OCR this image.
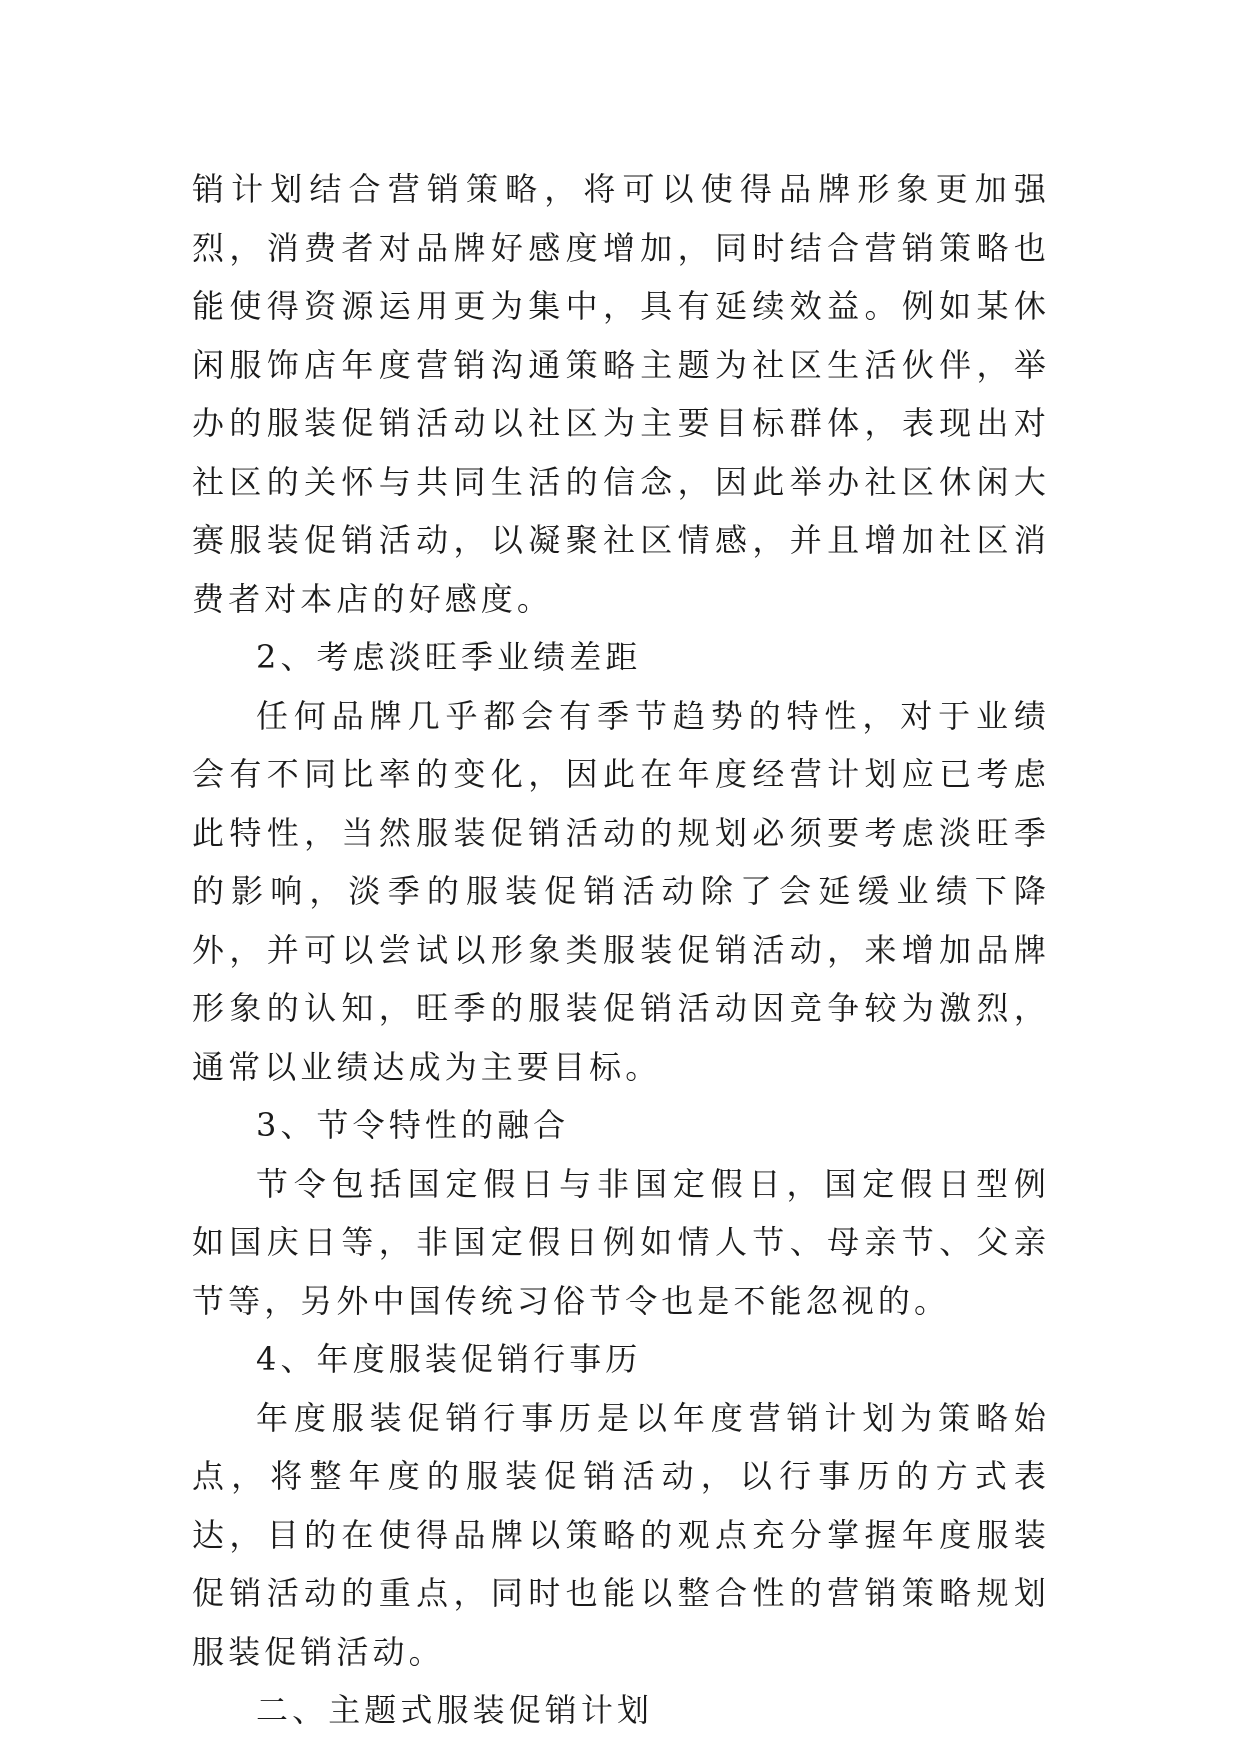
销计划结合营销策略，将可以使得品牌形象更加强烈，消费者对品牌好感度增加，同时结合营销策略也能使得资源运用更为集中，具有延续效益。例如某休闲服饰店年度营销沟通策略主题为社区生活伙伴，举办的服装促销活动以社区为主要目标群体，表现出对社区的关怀与共同生活的信念，因此举办社区休闲大赛服装促销活动，以凝聚社区情感，并且增加社区消费者对本店的好感度。

2、考虑淡旺季业绩差距

任何品牌几乎都会有季节趋势的特性，对于业绩会有不同比率的变化，因此在年度经营计划应已考虑此特性，当然服装促销活动的规划必须要考虑淡旺季的影响，淡季的服装促销活动除了会延缓业绩下降外，并可以尝试以形象类服装促销活动，来增加品牌形象的认知，旺季的服装促销活动因竞争较为激烈，通常以业绩达成为主要目标。

3、节令特性的融合

节令包括国定假日与非国定假日，国定假日型例如国庆日等，非国定假日例如情人节、母亲节、父亲节等，另外中国传统习俗节令也是不能忽视的。

4、年度服装促销行事历

年度服装促销行事历是以年度营销计划为策略始点，将整年度的服装促销活动，以行事历的方式表达，目的在使得品牌以策略的观点充分掌握年度服装促销活动的重点，同时也能以整合性的营销策略规划服装促销活动。

二、主题式服装促销计划
